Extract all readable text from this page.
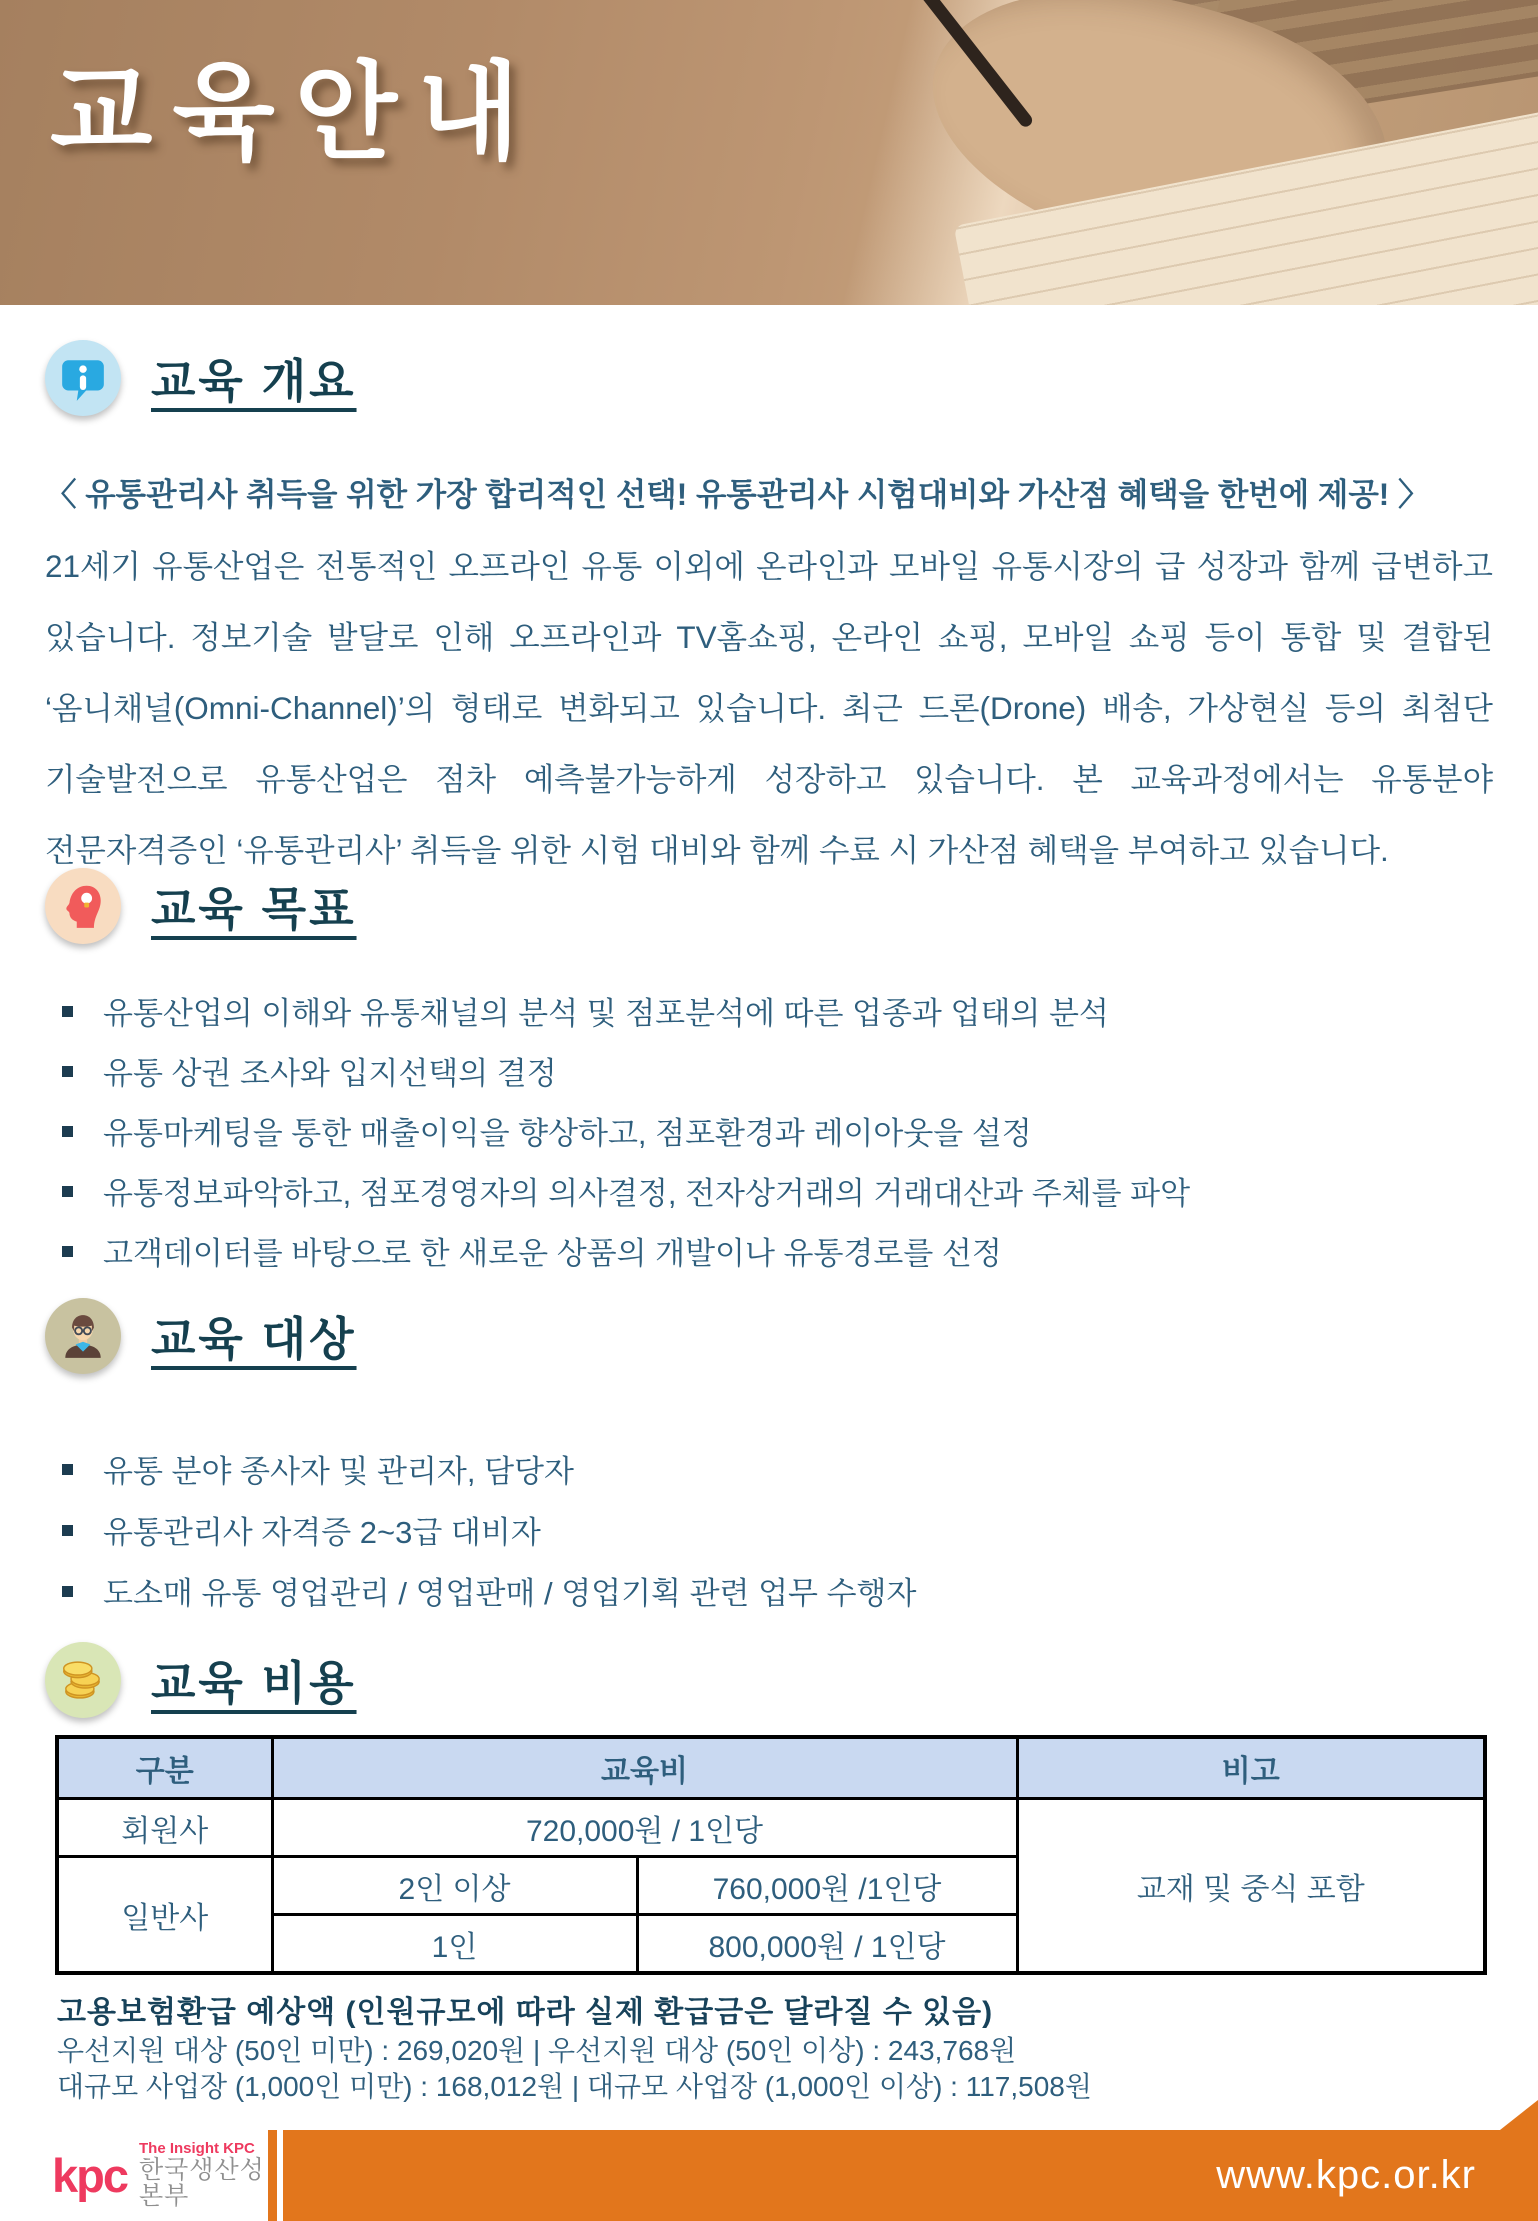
교육안내
교육 개요

〈 유통관리사 취득을 위한 가장 합리적인 선택! 유통관리사 시험대비와 가산점 혜택을 한번에 제공! 〉

21세기 유통산업은 전통적인 오프라인 유통 이외에 온라인과 모바일 유통시장의 급 성장과 함께 급변하고 있습니다. 정보기술 발달로 인해 오프라인과 TV홈쇼핑, 온라인 쇼핑, 모바일 쇼핑 등이 통합 및 결합된 ‘옴니채널(Omni-Channel)’의 형태로 변화되고 있습니다. 최근 드론(Drone) 배송, 가상현실 등의 최첨단 기술발전으로 유통산업은 점차 예측불가능하게 성장하고 있습니다. 본 교육과정에서는 유통분야 전문자격증인 ‘유통관리사’ 취득을 위한 시험 대비와 함께 수료 시 가산점 혜택을 부여하고 있습니다.

교육 목표
유통산업의 이해와 유통채널의 분석 및 점포분석에 따른 업종과 업태의 분석
유통 상권 조사와 입지선택의 결정
유통마케팅을 통한 매출이익을 향상하고, 점포환경과 레이아웃을 설정
유통정보파악하고, 점포경영자의 의사결정, 전자상거래의 거래대산과 주체를 파악
고객데이터를 바탕으로 한 새로운 상품의 개발이나 유통경로를 선정
교육 대상
유통 분야 종사자 및 관리자, 담당자
유통관리사 자격증 2~3급 대비자
도소매 유통 영업관리 / 영업판매 / 영업기획 관련 업무 수행자
교육 비용
구분	교육비		비고
회원사	720,000원 / 1인당		교재 및 중식 포함
일반사	2인 이상	760,000원 /1인당	
	1인	800,000원 / 1인당	

고용보험환급 예상액 (인원규모에 따라 실제 환급금은 달라질 수 있음)

우선지원 대상 (50인 미만) : 269,020원 | 우선지원 대상 (50인 이상) : 243,768원

대규모 사업장 (1,000인 미만) : 168,012원 | 대규모 사업장 (1,000인 이상) : 117,508원

kpc
The Insight KPC
한국생산성본부	www.kpc.or.kr
